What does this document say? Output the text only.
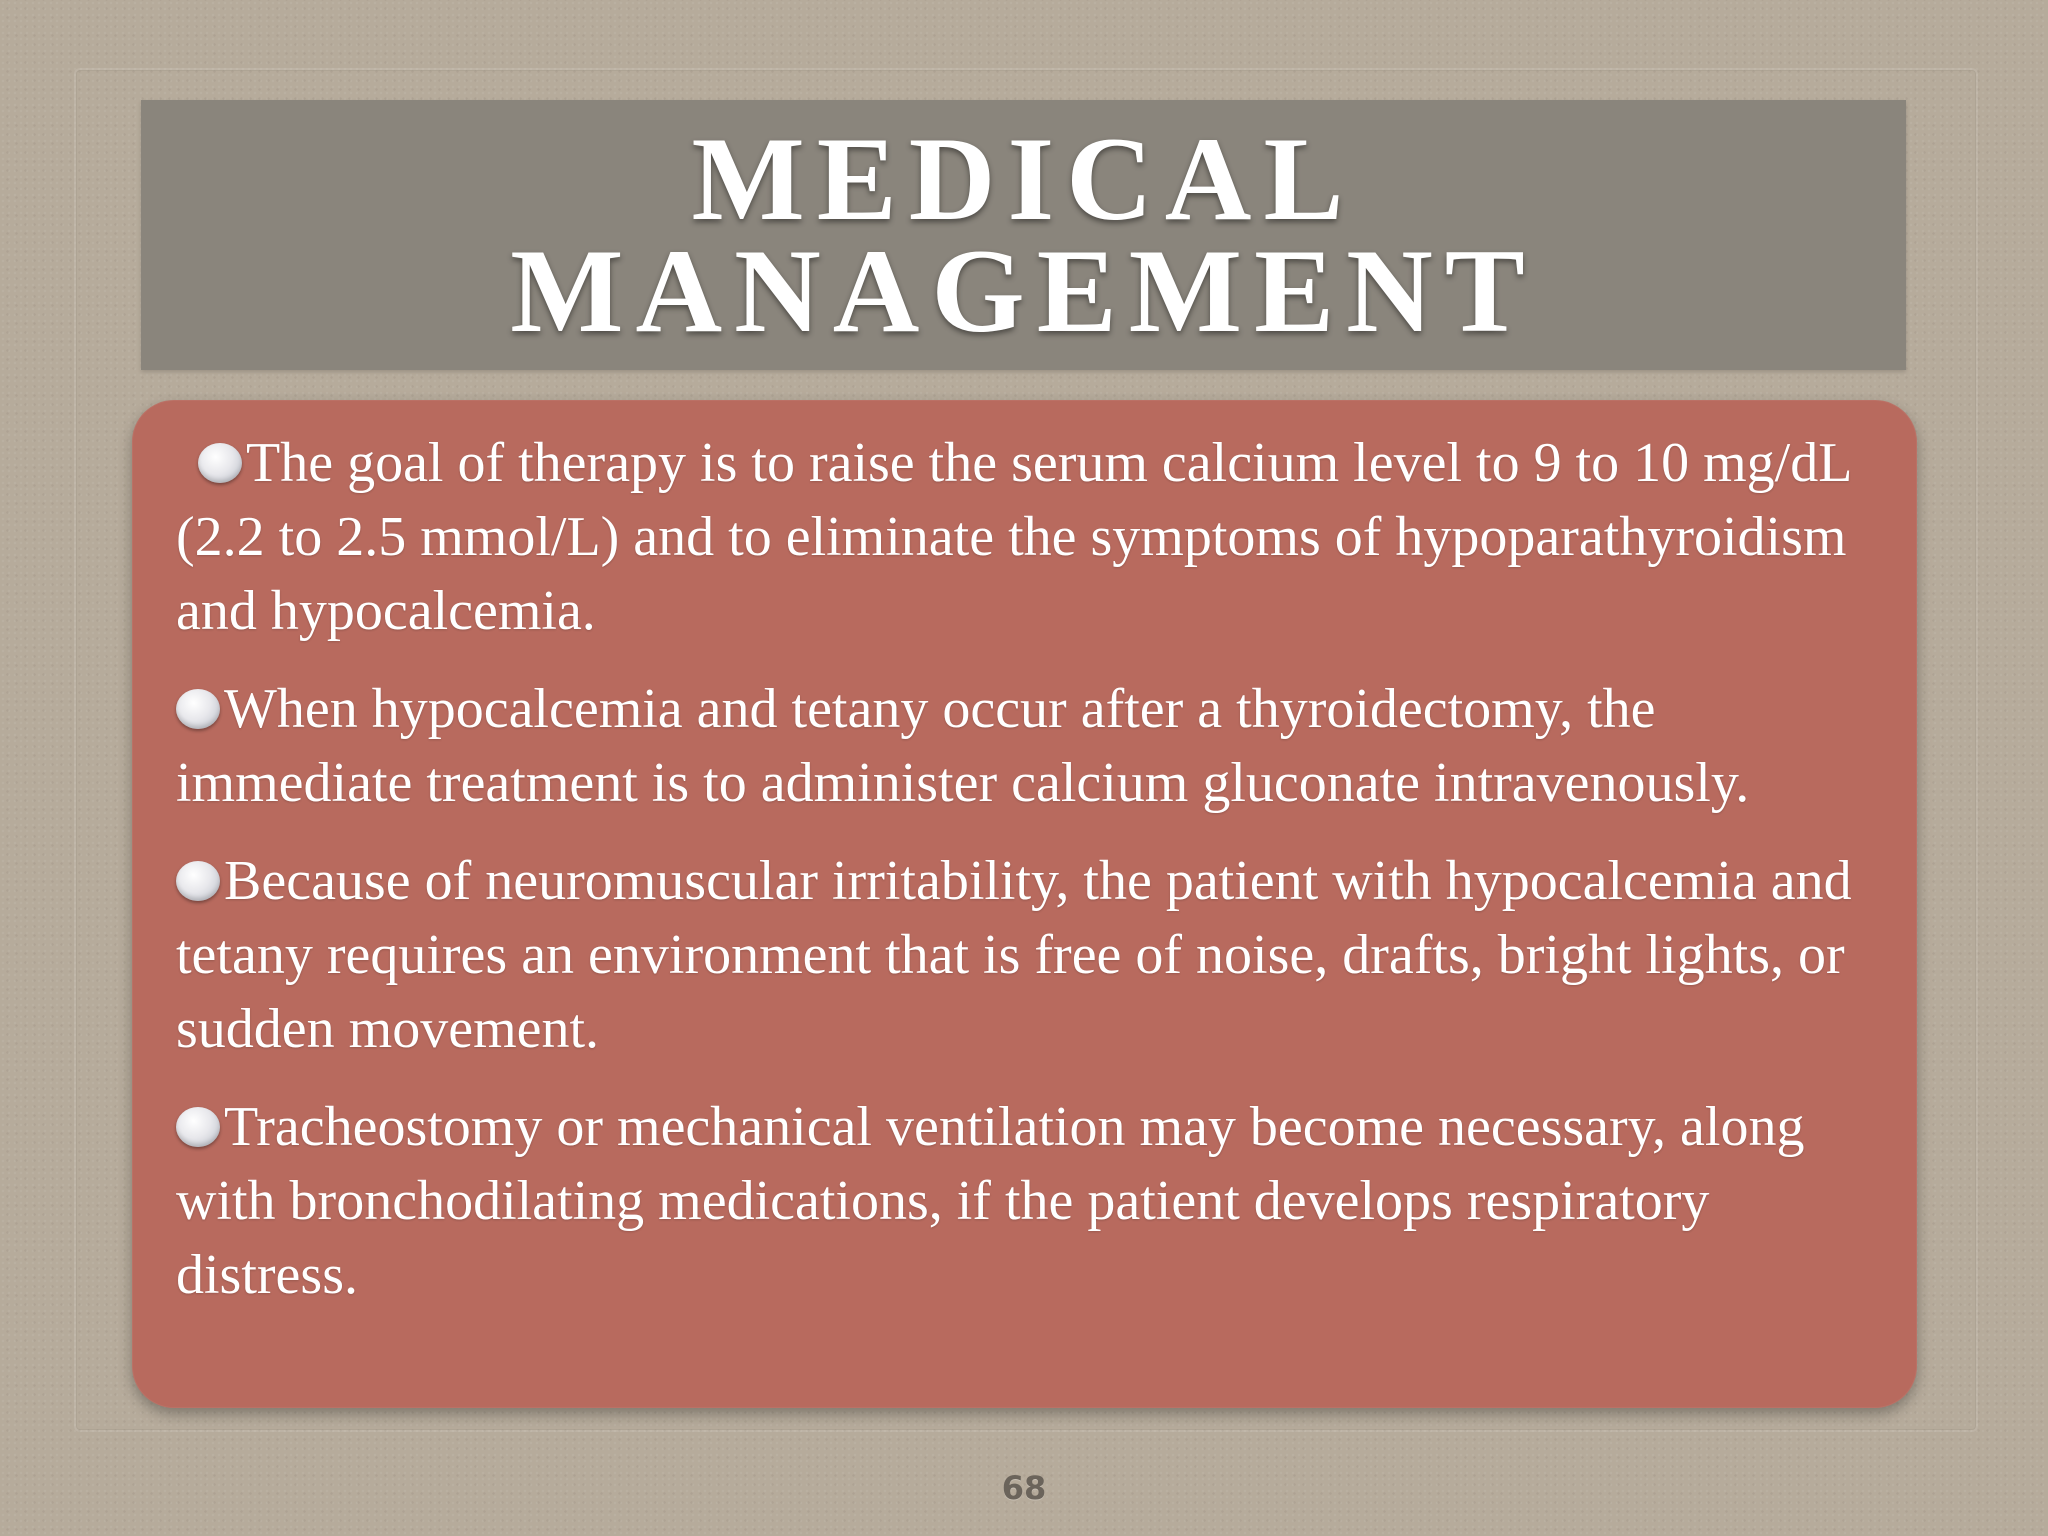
MEDICAL
MANAGEMENT
The goal of therapy is to raise the serum calcium level to 9 to 10 mg/dL (2.2 to 2.5 mmol/L) and to eliminate the symptoms of hypoparathyroidism and hypocalcemia.
When hypocalcemia and tetany occur after a thyroidectomy, the immediate treatment is to administer calcium gluconate intravenously.
Because of neuromuscular irritability, the patient with hypocalcemia and tetany requires an environment that is free of noise, drafts, bright lights, or sudden movement.
Tracheostomy or mechanical ventilation may become necessary, along with bronchodilating medications, if the patient develops respiratory distress.
68
